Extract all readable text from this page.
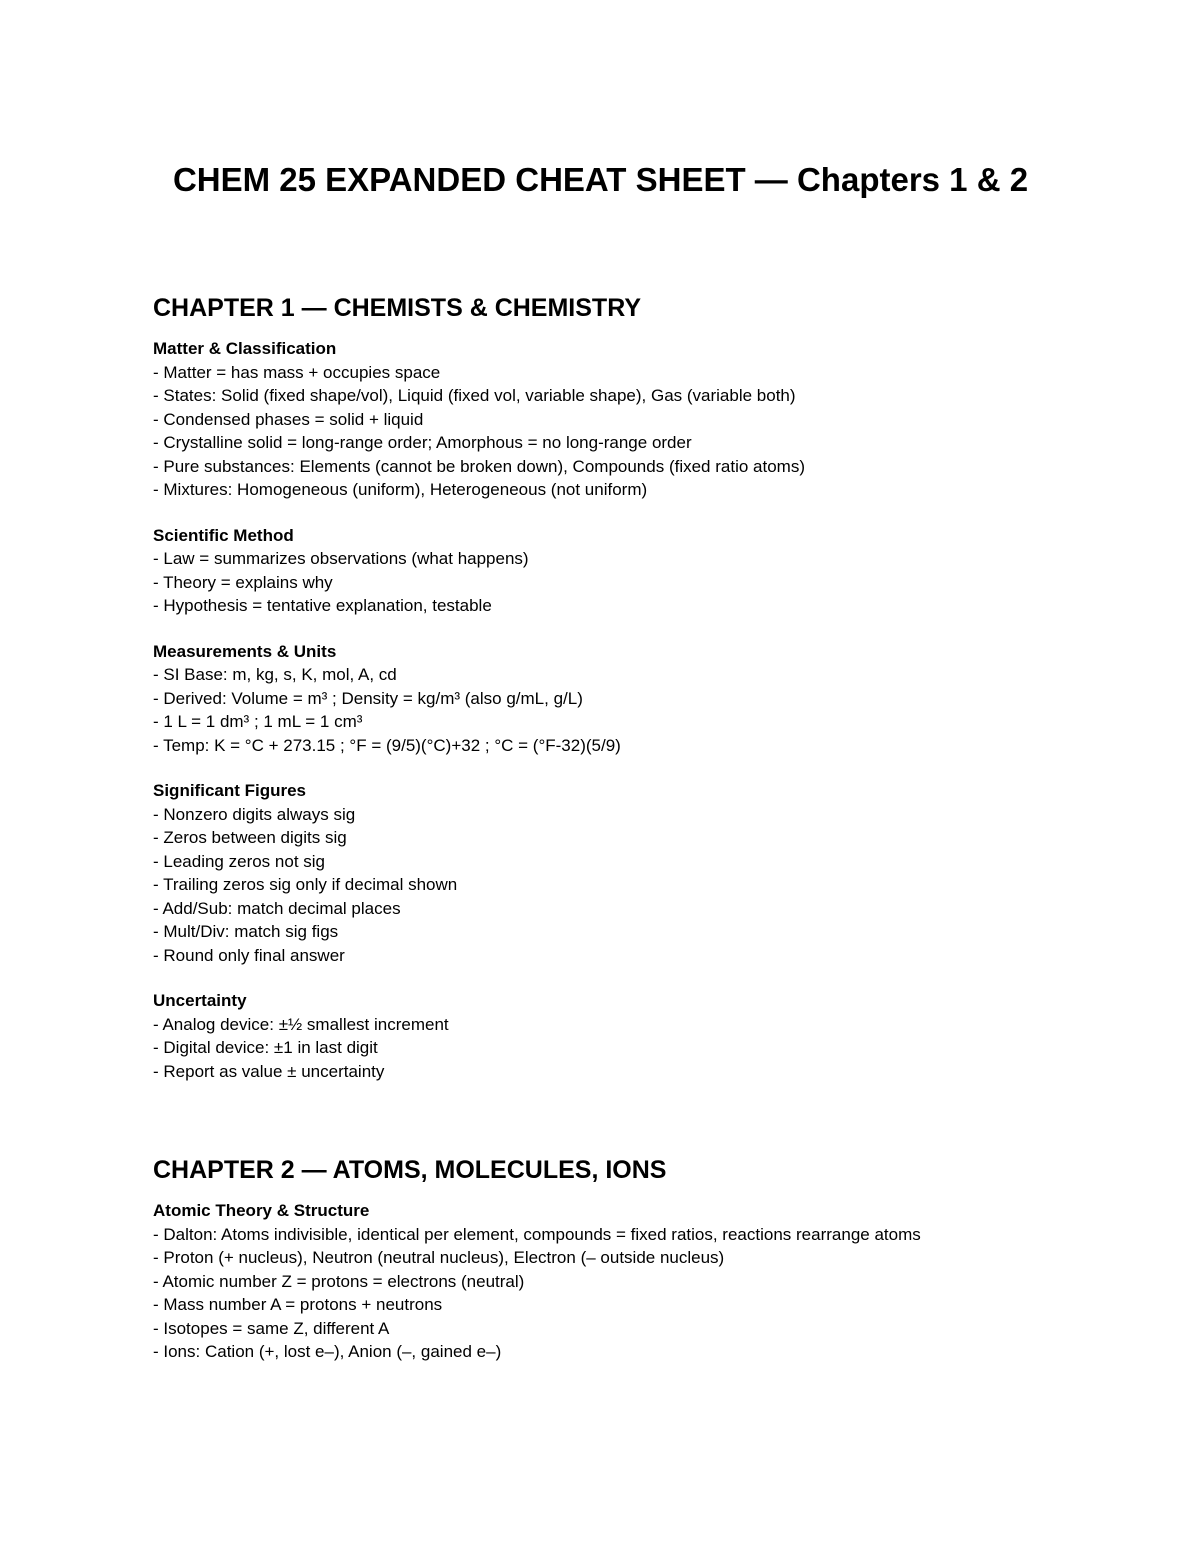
CHEM 25 EXPANDED CHEAT SHEET — Chapters 1 & 2
CHAPTER 1 — CHEMISTS & CHEMISTRY
Matter & Classification
- Matter = has mass + occupies space
- States: Solid (fixed shape/vol), Liquid (fixed vol, variable shape), Gas (variable both)
- Condensed phases = solid + liquid
- Crystalline solid = long-range order; Amorphous = no long-range order
- Pure substances: Elements (cannot be broken down), Compounds (fixed ratio atoms)
- Mixtures: Homogeneous (uniform), Heterogeneous (not uniform)
Scientific Method
- Law = summarizes observations (what happens)
- Theory = explains why
- Hypothesis = tentative explanation, testable
Measurements & Units
- SI Base: m, kg, s, K, mol, A, cd
- Derived: Volume = m³ ; Density = kg/m³ (also g/mL, g/L)
- 1 L = 1 dm³ ; 1 mL = 1 cm³
- Temp: K = °C + 273.15 ; °F = (9/5)(°C)+32 ; °C = (°F-32)(5/9)
Significant Figures
- Nonzero digits always sig
- Zeros between digits sig
- Leading zeros not sig
- Trailing zeros sig only if decimal shown
- Add/Sub: match decimal places
- Mult/Div: match sig figs
- Round only final answer
Uncertainty
- Analog device: ±½ smallest increment
- Digital device: ±1 in last digit
- Report as value ± uncertainty
CHAPTER 2 — ATOMS, MOLECULES, IONS
Atomic Theory & Structure
- Dalton: Atoms indivisible, identical per element, compounds = fixed ratios, reactions rearrange atoms
- Proton (+ nucleus), Neutron (neutral nucleus), Electron (– outside nucleus)
- Atomic number Z = protons = electrons (neutral)
- Mass number A = protons + neutrons
- Isotopes = same Z, different A
- Ions: Cation (+, lost e–), Anion (–, gained e–)
